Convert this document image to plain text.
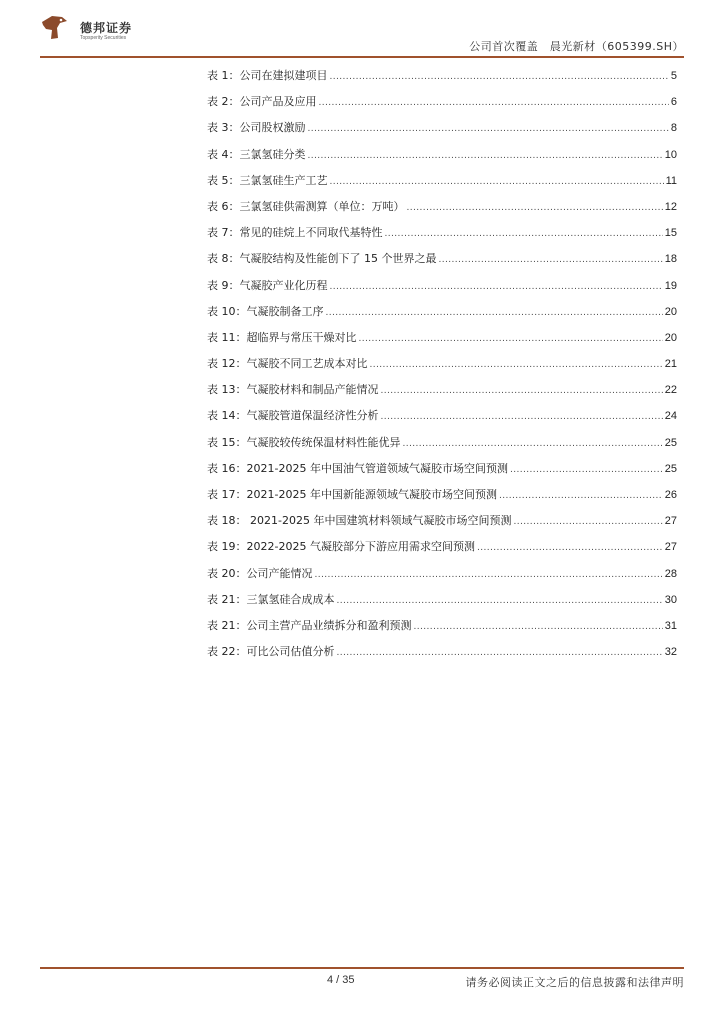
德邦证券
Topsperity Securities
公司首次覆盖　晨光新材（605399.SH）
表 1：公司在建拟建项目 .....	5
表 2：公司产品及应用 .....	6
表 3：公司股权激励 .....	8
表 4：三氯氢硅分类 .....	10
表 5：三氯氢硅生产工艺 .....	11
表 6：三氯氢硅供需测算（单位：万吨） .....	12
表 7：常见的硅烷上不同取代基特性 .....	15
表 8：气凝胶结构及性能创下了 15 个世界之最 .....	18
表 9：气凝胶产业化历程 .....	19
表 10：气凝胶制备工序 .....	20
表 11：超临界与常压干燥对比 .....	20
表 12：气凝胶不同工艺成本对比 .....	21
表 13：气凝胶材料和制品产能情况 .....	22
表 14：气凝胶管道保温经济性分析 .....	24
表 15：气凝胶较传统保温材料性能优异 .....	25
表 16：2021-2025 年中国油气管道领域气凝胶市场空间预测 .....	25
表 17：2021-2025 年中国新能源领域气凝胶市场空间预测 .....	26
表 18： 2021-2025 年中国建筑材料领域气凝胶市场空间预测 .....	27
表 19：2022-2025 气凝胶部分下游应用需求空间预测 .....	27
表 20：公司产能情况 .....	28
表 21：三氯氢硅合成成本 .....	30
表 21：公司主营产品业绩拆分和盈利预测 .....	31
表 22：可比公司估值分析 .....	32
4 / 35	请务必阅读正文之后的信息披露和法律声明
